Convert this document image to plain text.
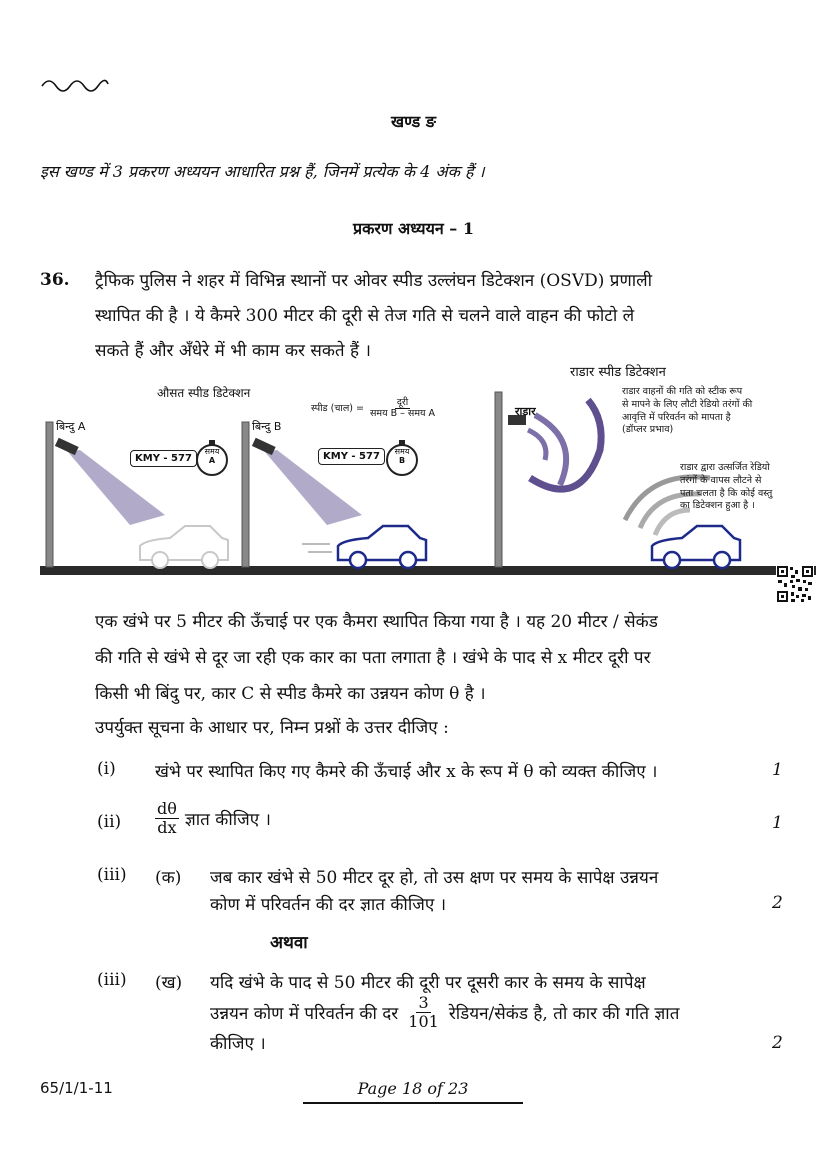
खण्ड ङ
इस खण्ड में 3 प्रकरण अध्ययन आधारित प्रश्न हैं, जिनमें प्रत्येक के 4 अंक हैं ।
प्रकरण अध्ययन – 1
36. ट्रैफिक पुलिस ने शहर में विभिन्न स्थानों पर ओवर स्पीड उल्लंघन डिटेक्शन (OSVD) प्रणाली
स्थापित की है । ये कैमरे 300 मीटर की दूरी से तेज गति से चलने वाले वाहन की फोटो ले
सकते हैं और अँधेरे में भी काम कर सकते हैं ।
औसत स्पीड डिटेक्शन
राडार स्पीड डिटेक्शन
बिन्दु A	बिन्दु B
KMY - 577	KMY - 577
समय
A
समय
B
स्पीड (चाल) = $\frac{\text{दूरी}}{\text{समय B – समय A}}$	राडार
राडार वाहनों की गति को स्टीक रूप
से मापने के लिए लौटी रेडियो तरंगों की
आवृत्ति में परिवर्तन को मापता है
(डॉप्लर प्रभाव)
राडार द्वारा उत्सर्जित रेडियो
तरंगों के वापस लौटने से
पता चलता है कि कोई वस्तु
का डिटेक्शन हुआ है ।
एक खंभे पर 5 मीटर की ऊँचाई पर एक कैमरा स्थापित किया गया है । यह 20 मीटर / सेकंड
की गति से खंभे से दूर जा रही एक कार का पता लगाता है । खंभे के पाद से x मीटर दूरी पर
किसी भी बिंदु पर, कार C से स्पीड कैमरे का उन्नयन कोण θ है ।
उपर्युक्त सूचना के आधार पर, निम्न प्रश्नों के उत्तर दीजिए :
(i) खंभे पर स्थापित किए गए कैमरे की ऊँचाई और x के रूप में θ को व्यक्त कीजिए ।	1
$(ii) \frac{d\theta}{dx}$ ज्ञात कीजिए ।	1
(iii) (क) जब कार खंभे से 50 मीटर दूर हो, तो उस क्षण पर समय के सापेक्ष उन्नयन
कोण में परिवर्तन की दर ज्ञात कीजिए ।	2
अथवा
(iii) (ख) यदि खंभे के पाद से 50 मीटर की दूरी पर दूसरी कार के समय के सापेक्ष
उन्नयन कोण में परिवर्तन की दर $\frac{3}{101}$ रेडियन/सेकंड है, तो कार की गति ज्ञात
कीजिए ।	2
65/1/1-11	Page 18 of 23
